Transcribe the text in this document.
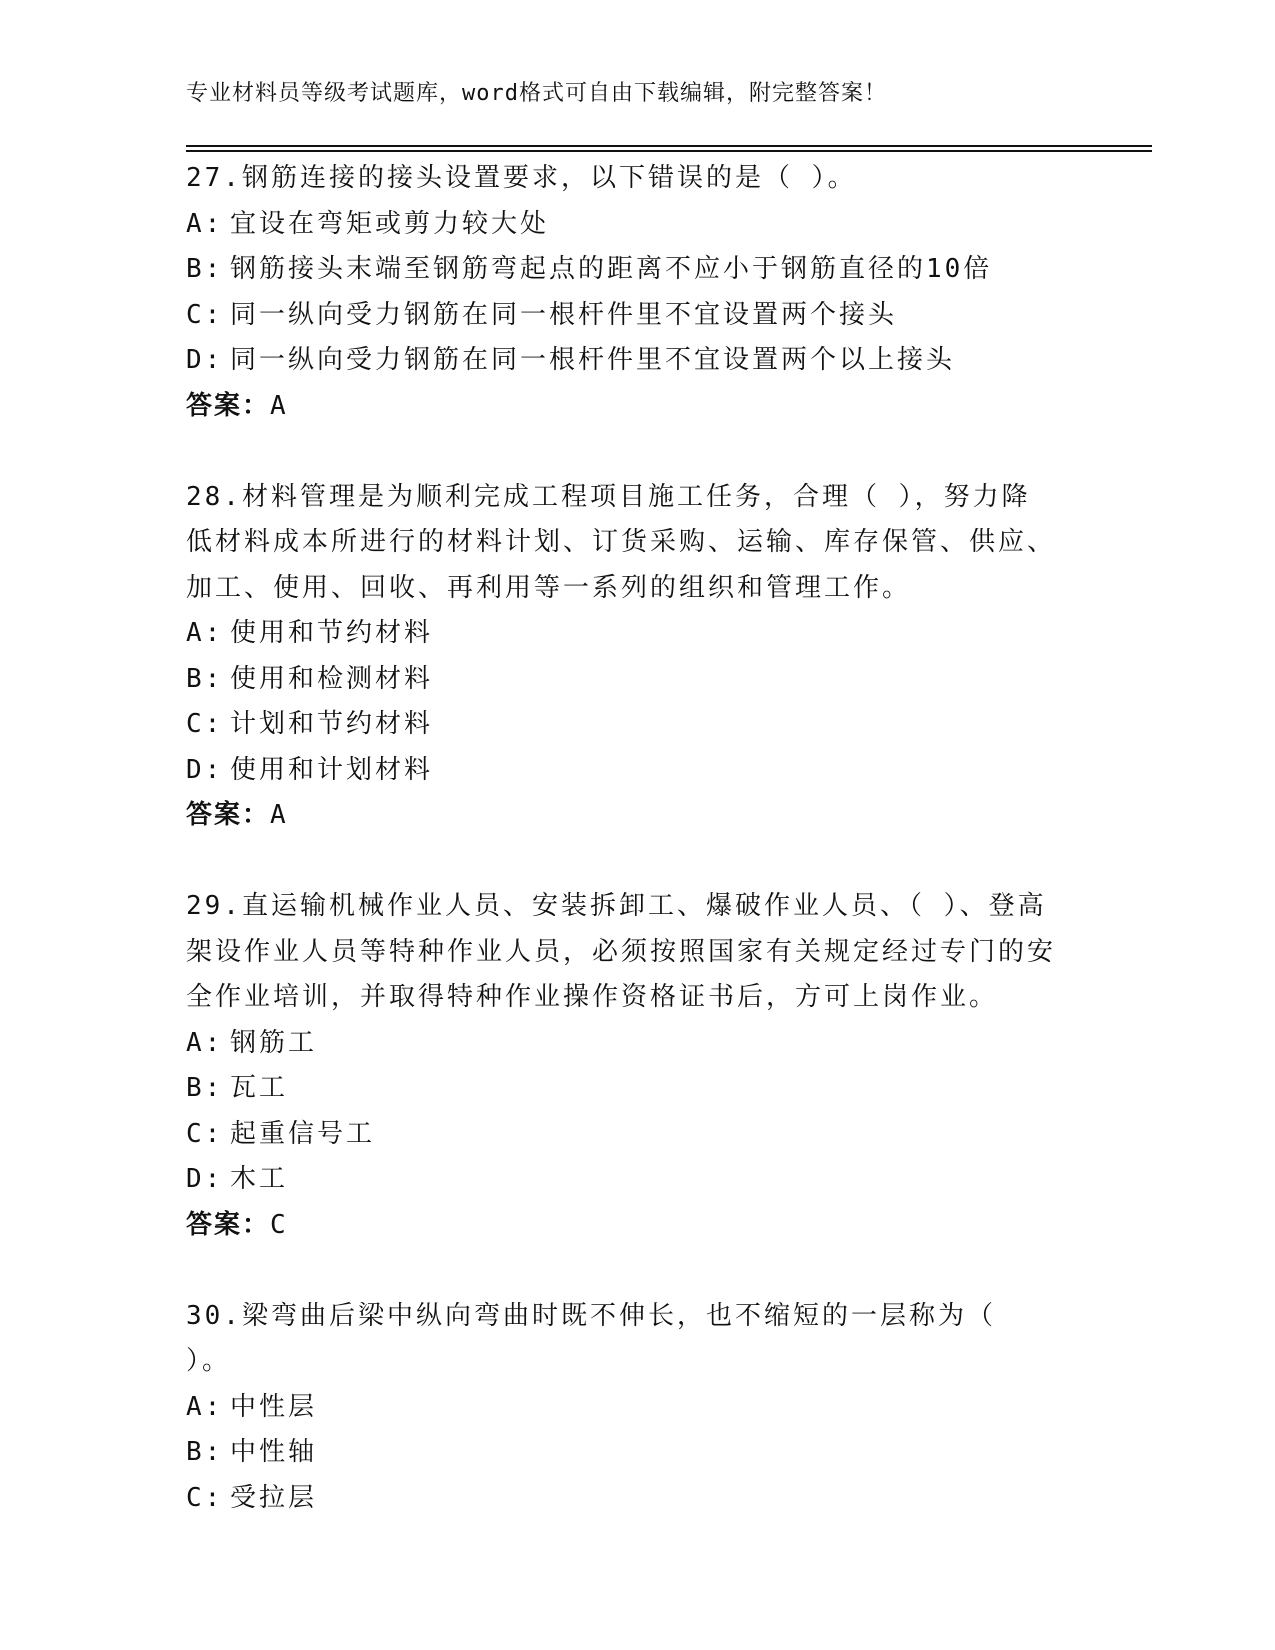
专业材料员等级考试题库，word格式可自由下载编辑，附完整答案！
27.钢筋连接的接头设置要求，以下错误的是（ ）。
A: 宜设在弯矩或剪力较大处
B: 钢筋接头末端至钢筋弯起点的距离不应小于钢筋直径的10倍
C: 同一纵向受力钢筋在同一根杆件里不宜设置两个接头
D: 同一纵向受力钢筋在同一根杆件里不宜设置两个以上接头
答案：A
28.材料管理是为顺利完成工程项目施工任务，合理（ ），努力降低材料成本所进行的材料计划、订货采购、运输、库存保管、供应、加工、使用、回收、再利用等一系列的组织和管理工作。
A: 使用和节约材料
B: 使用和检测材料
C: 计划和节约材料
D: 使用和计划材料
答案：A
29.直运输机械作业人员、安装拆卸工、爆破作业人员、（ ）、登高架设作业人员等特种作业人员，必须按照国家有关规定经过专门的安全作业培训，并取得特种作业操作资格证书后，方可上岗作业。
A: 钢筋工
B: 瓦工
C: 起重信号工
D: 木工
答案：C
30.梁弯曲后梁中纵向弯曲时既不伸长，也不缩短的一层称为（ ）。
A: 中性层
B: 中性轴
C: 受拉层
